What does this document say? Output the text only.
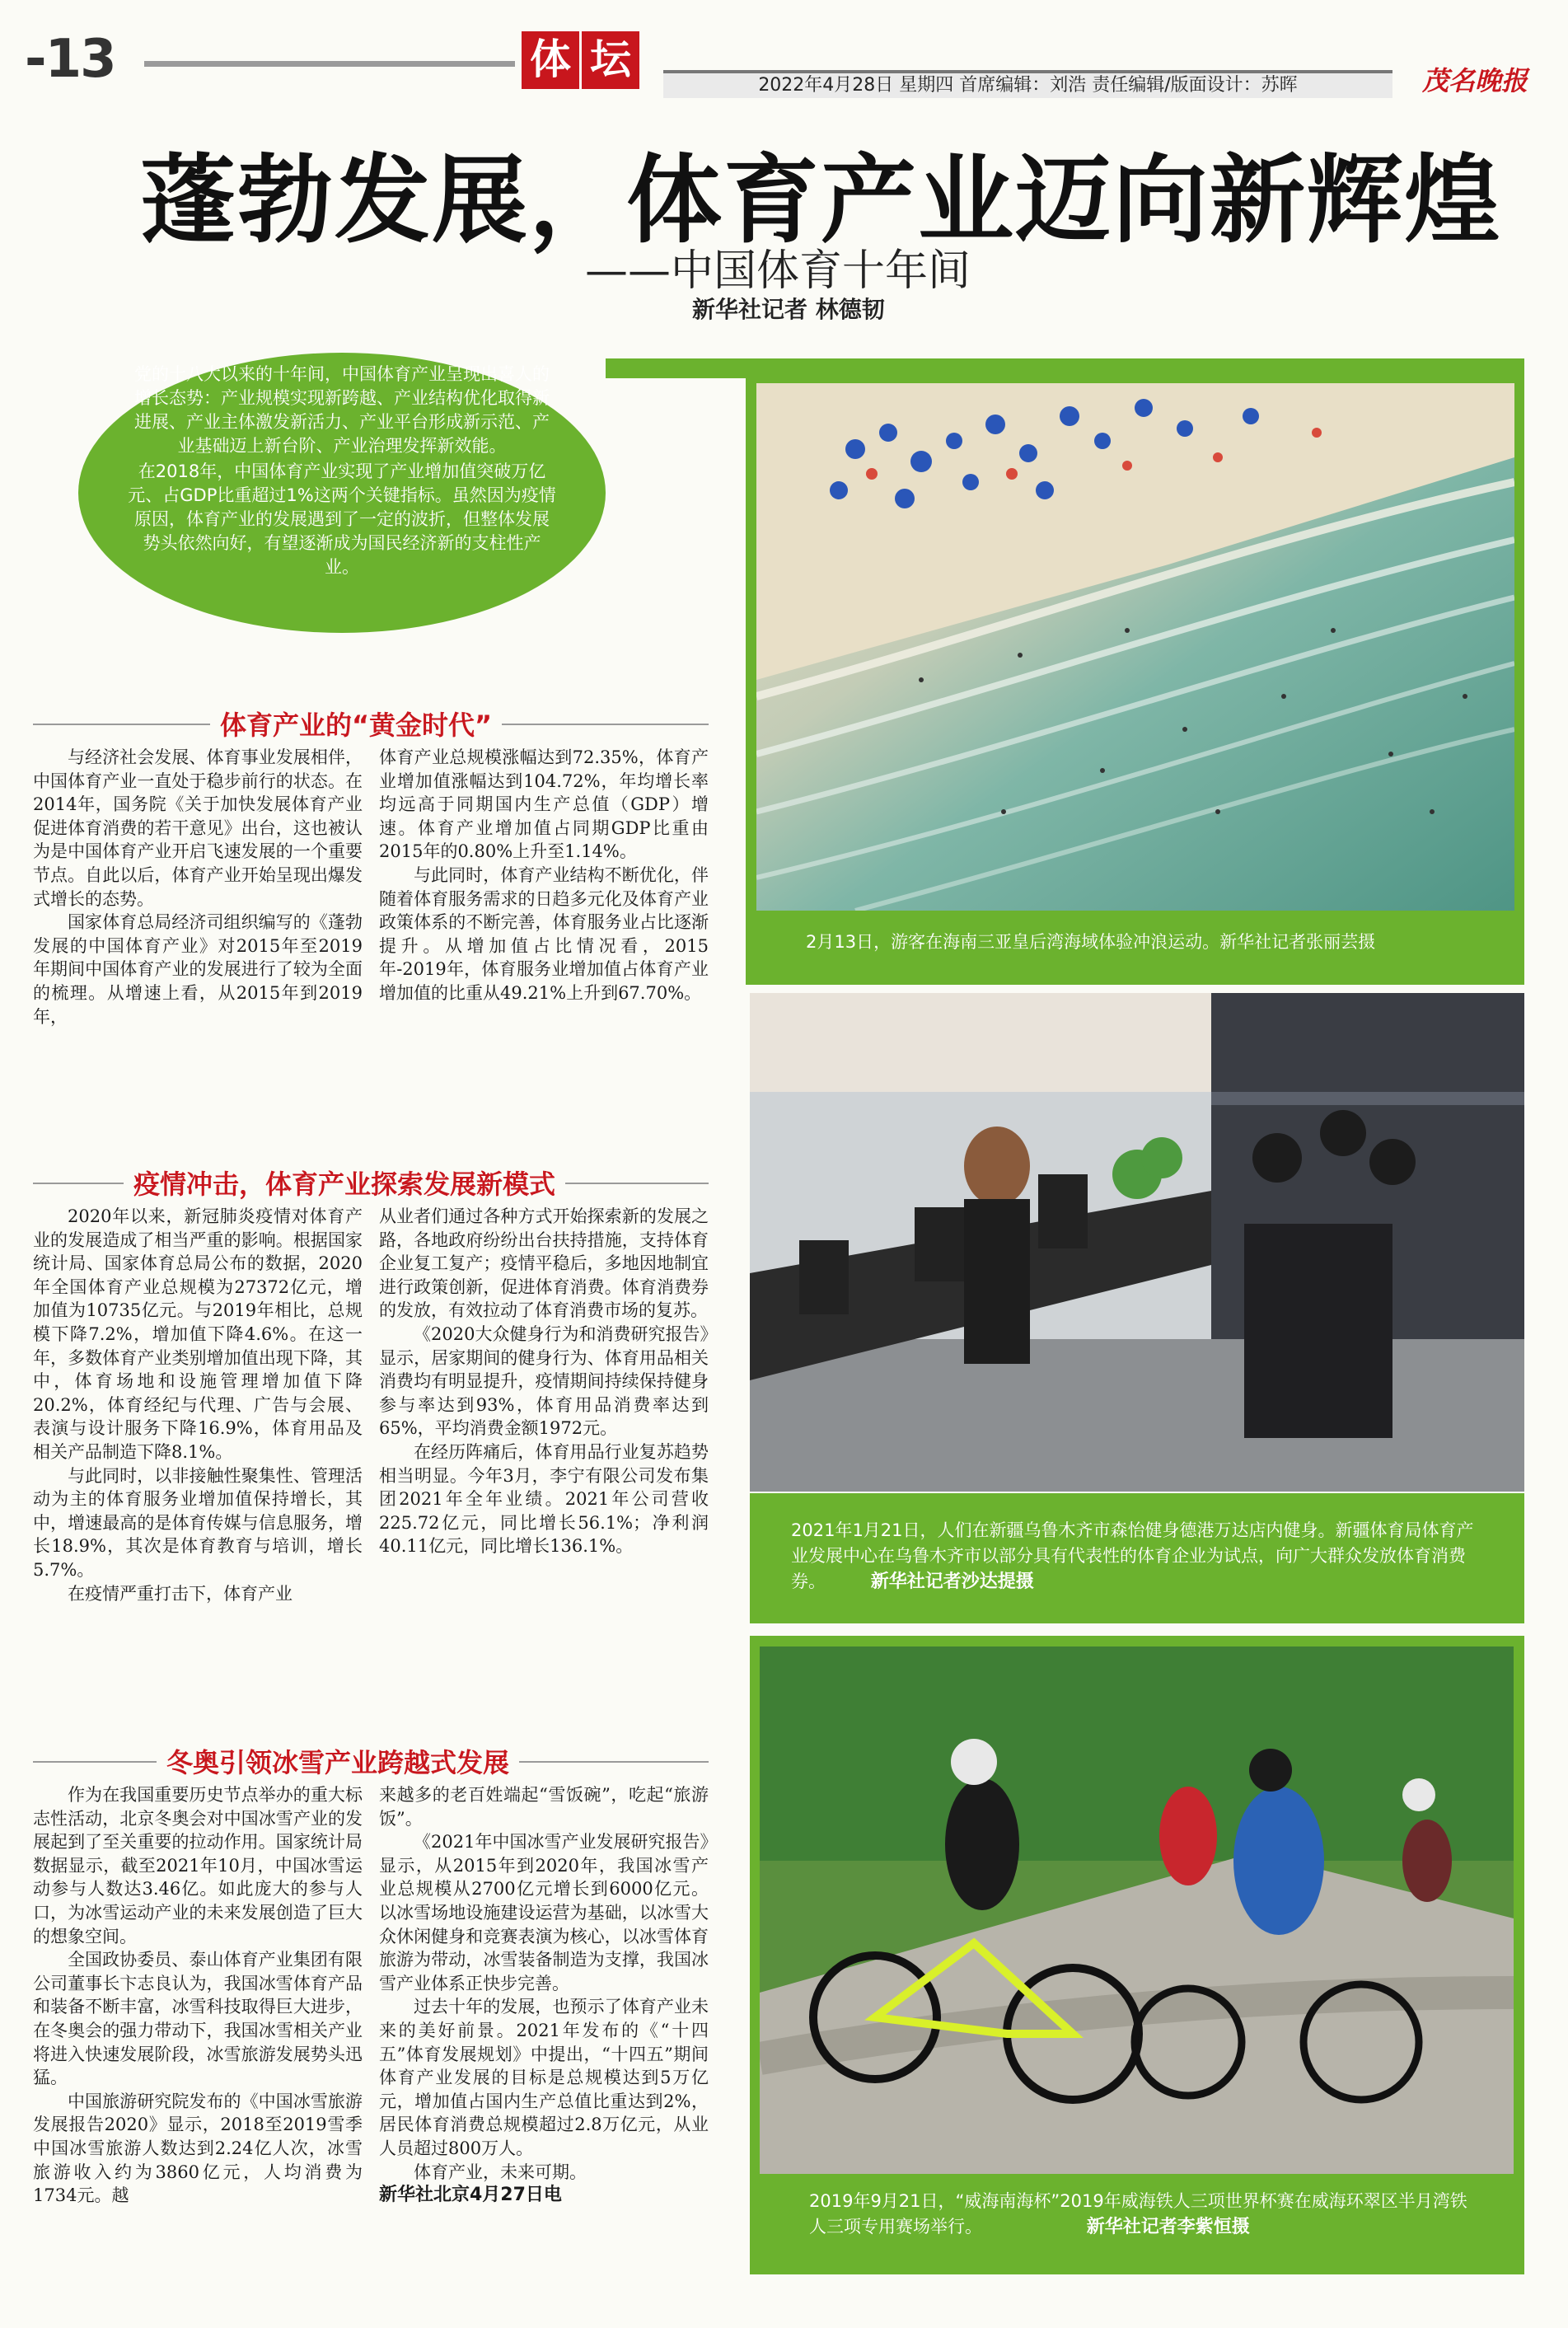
-13	体 坛
2022年4月28日 星期四 首席编辑：刘浩 责任编辑/版面设计：苏晖	茂名晚报
蓬勃发展，体育产业迈向新辉煌
——中国体育十年间
新华社记者 林德韧

党的十八大以来的十年间，中国体育产业呈现出喜人的增长态势：产业规模实现新跨越、产业结构优化取得新进展、产业主体激发新活力、产业平台形成新示范、产业基础迈上新台阶、产业治理发挥新效能。

在2018年，中国体育产业实现了产业增加值突破万亿元、占GDP比重超过1%这两个关键指标。虽然因为疫情原因，体育产业的发展遇到了一定的波折，但整体发展势头依然向好，有望逐渐成为国民经济新的支柱性产业。

体育产业的“黄金时代”

与经济社会发展、体育事业发展相伴，中国体育产业一直处于稳步前行的状态。在2014年，国务院《关于加快发展体育产业促进体育消费的若干意见》出台，这也被认为是中国体育产业开启飞速发展的一个重要节点。自此以后，体育产业开始呈现出爆发式增长的态势。

国家体育总局经济司组织编写的《蓬勃发展的中国体育产业》对2015年至2019年期间中国体育产业的发展进行了较为全面的梳理。从增速上看，从2015年到2019年，

体育产业总规模涨幅达到72.35%，体育产业增加值涨幅达到104.72%，年均增长率均远高于同期国内生产总值（GDP）增速。体育产业增加值占同期GDP比重由2015年的0.80%上升至1.14%。

与此同时，体育产业结构不断优化，伴随着体育服务需求的日趋多元化及体育产业政策体系的不断完善，体育服务业占比逐渐提升。从增加值占比情况看，2015年-2019年，体育服务业增加值占体育产业增加值的比重从49.21%上升到67.70%。

疫情冲击，体育产业探索发展新模式

2020年以来，新冠肺炎疫情对体育产业的发展造成了相当严重的影响。根据国家统计局、国家体育总局公布的数据，2020年全国体育产业总规模为27372亿元，增加值为10735亿元。与2019年相比，总规模下降7.2%，增加值下降4.6%。在这一年，多数体育产业类别增加值出现下降，其中，体育场地和设施管理增加值下降20.2%，体育经纪与代理、广告与会展、表演与设计服务下降16.9%，体育用品及相关产品制造下降8.1%。

与此同时，以非接触性聚集性、管理活动为主的体育服务业增加值保持增长，其中，增速最高的是体育传媒与信息服务，增长18.9%，其次是体育教育与培训，增长5.7%。

在疫情严重打击下，体育产业

从业者们通过各种方式开始探索新的发展之路，各地政府纷纷出台扶持措施，支持体育企业复工复产；疫情平稳后，多地因地制宜进行政策创新，促进体育消费。体育消费券的发放，有效拉动了体育消费市场的复苏。

《2020大众健身行为和消费研究报告》显示，居家期间的健身行为、体育用品相关消费均有明显提升，疫情期间持续保持健身参与率达到93%，体育用品消费率达到65%，平均消费金额1972元。

在经历阵痛后，体育用品行业复苏趋势相当明显。今年3月，李宁有限公司发布集团2021年全年业绩。2021年公司营收225.72亿元，同比增长56.1%；净利润40.11亿元，同比增长136.1%。

冬奥引领冰雪产业跨越式发展

作为在我国重要历史节点举办的重大标志性活动，北京冬奥会对中国冰雪产业的发展起到了至关重要的拉动作用。国家统计局数据显示，截至2021年10月，中国冰雪运动参与人数达3.46亿。如此庞大的参与人口，为冰雪运动产业的未来发展创造了巨大的想象空间。

全国政协委员、泰山体育产业集团有限公司董事长卞志良认为，我国冰雪体育产品和装备不断丰富，冰雪科技取得巨大进步，在冬奥会的强力带动下，我国冰雪相关产业将进入快速发展阶段，冰雪旅游发展势头迅猛。

中国旅游研究院发布的《中国冰雪旅游发展报告2020》显示，2018至2019雪季中国冰雪旅游人数达到2.24亿人次，冰雪旅游收入约为3860亿元，人均消费为1734元。越

来越多的老百姓端起“雪饭碗”，吃起“旅游饭”。

《2021年中国冰雪产业发展研究报告》显示，从2015年到2020年，我国冰雪产业总规模从2700亿元增长到6000亿元。以冰雪场地设施建设运营为基础，以冰雪大众休闲健身和竞赛表演为核心，以冰雪体育旅游为带动，冰雪装备制造为支撑，我国冰雪产业体系正快步完善。

过去十年的发展，也预示了体育产业未来的美好前景。2021年发布的《“十四五”体育发展规划》中提出，“十四五”期间体育产业发展的目标是总规模达到5万亿元，增加值占国内生产总值比重达到2%，居民体育消费总规模超过2.8万亿元，从业人员超过800万人。

体育产业，未来可期。

新华社北京4月27日电

2月13日，游客在海南三亚皇后湾海域体验冲浪运动。新华社记者张丽芸摄
2021年1月21日，人们在新疆乌鲁木齐市森怡健身德港万达店内健身。新疆体育局体育产业发展中心在乌鲁木齐市以部分具有代表性的体育企业为试点，向广大群众发放体育消费券。 新华社记者沙达提摄
2019年9月21日，“威海南海杯”2019年威海铁人三项世界杯赛在威海环翠区半月湾铁人三项专用赛场举行。	新华社记者李紫恒摄
